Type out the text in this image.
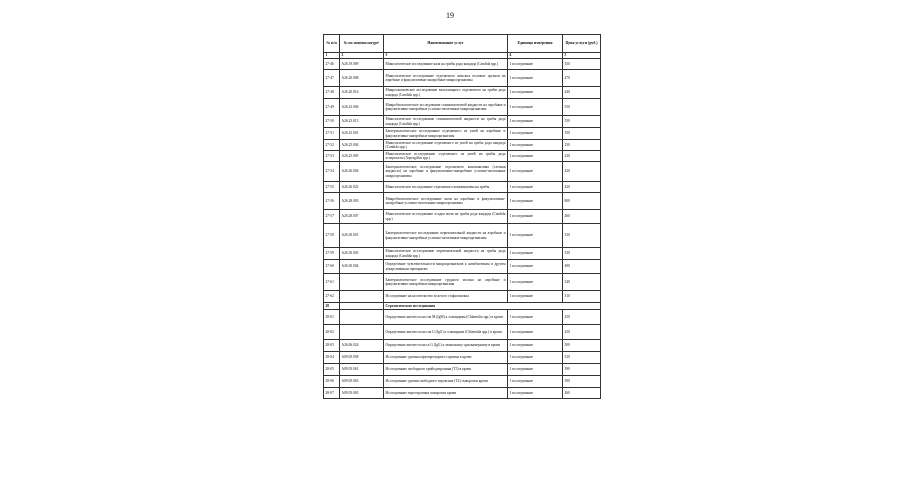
19
№ п/п	№ по номенклатуре¹	Наименование услуг	Единица измерения	Цена услуги (руб.)
1	2	3	4	5
27-46	A26.19.009	Микологическое исследование кала на грибы рода кандида (Candida spp.)	1 исследование	550
27-47	A26.20.008	Микологическое исследование отделяемого женских половых органов на аэробные и факультативно-анаэробные микроорганизмы	1 исследование	470
27-48	A26.20.016	Микроскопическое исследование влагалищного отделяемого на грибы рода кандида (Candida spp.)	1 исследование	440
27-49	A26.23.006	Микробиологическое исследование спинномозговой жидкости на аэробные и факультативно-анаэробные условно-патогенные микроорганизмы	1 исследование	550
27-50	A26.23.013	Микологическое исследование спинномозговой жидкости на грибы рода кандида (Candida spp.)	1 исследование	550
27-51	A26.25.001	Бактериологическое исследование отделяемого из ушей на аэробные и факультативно-анаэробные микроорганизмы	1 исследование	350
27-52	A26.25.004	Микологическое исследование отделяемого из ушей на грибы рода кандида (Candida spp.)	1 исследование	230
27-53	A26.25.005	Микологическое исследование отделяемого из ушей на грибы рода аспергиллы (Aspergillus spp.)	1 исследование	230
27-54	A26.26.004	Бактериологическое исследование отделяемого конъюнктивы (слезная жидкость) на аэробные и факультативно-анаэробные условно-патогенные микроорганизмы	1 исследование	420
27-55	A26.26.022	Микологическое исследование отделяемого конъюнктивы на грибы	1 исследование	420
27-56	A26.28.003	Микробиологическое исследование мочи на аэробные и факультативно-анаэробные условно-патогенные микроорганизмы	1 исследование	800
27-57	A26.28.007	Микологическое исследование осадка мочи на грибы рода кандида (Candida spp.)	1 исследование	260
27-58	A26.30.001	Бактериологическое исследование перитонеальной жидкости на аэробные и факультативно-анаэробные условно-патогенные микроорганизмы	1 исследование	330
27-59	A26.30.003	Микологическое исследование перитонеальной жидкости на грибы рода кандида (Candida spp.)	1 исследование	330
27-60	A26.30.004	Определение чувствительности микроорганизмов к антибиотикам и другим лекарственным препаратам	1 исследование	490
27-61		Бактериологическое исследование грудного молока на аэробные и факультативно-анаэробные микроорганизмы	1 исследование	340
27-62		Исследование на носительство золотого стафилококка	1 исследование	310
28		Серологические исследования		
28-01		Определение антител классов M (IgM) к хламидиям (Chlamidia spp.) в крови	1 исследование	250
28-02		Определение антител классов G (IgG) к хламидиям (Chlamidia spp.) в крови	1 исследование	250
28-03	A26.06.024	Определение антител класса G (IgG) к эхинококку однокамерному в крови	1 исследование	500
28-04	A09.05.058	Исследование уровня паратиреоидного гормона в крови	1 исследование	520
28-05	A09.05.061	Исследование свободного трийодтиронина (Т3) в крови	1 исследование	390
28-06	A09.05.063	Исследование уровня свободного тироксина (Т4) сыворотки крови	1 исследование	390
28-07	A09.05.065	Исследование тиреотропина сыворотки крови	1 исследование	260
